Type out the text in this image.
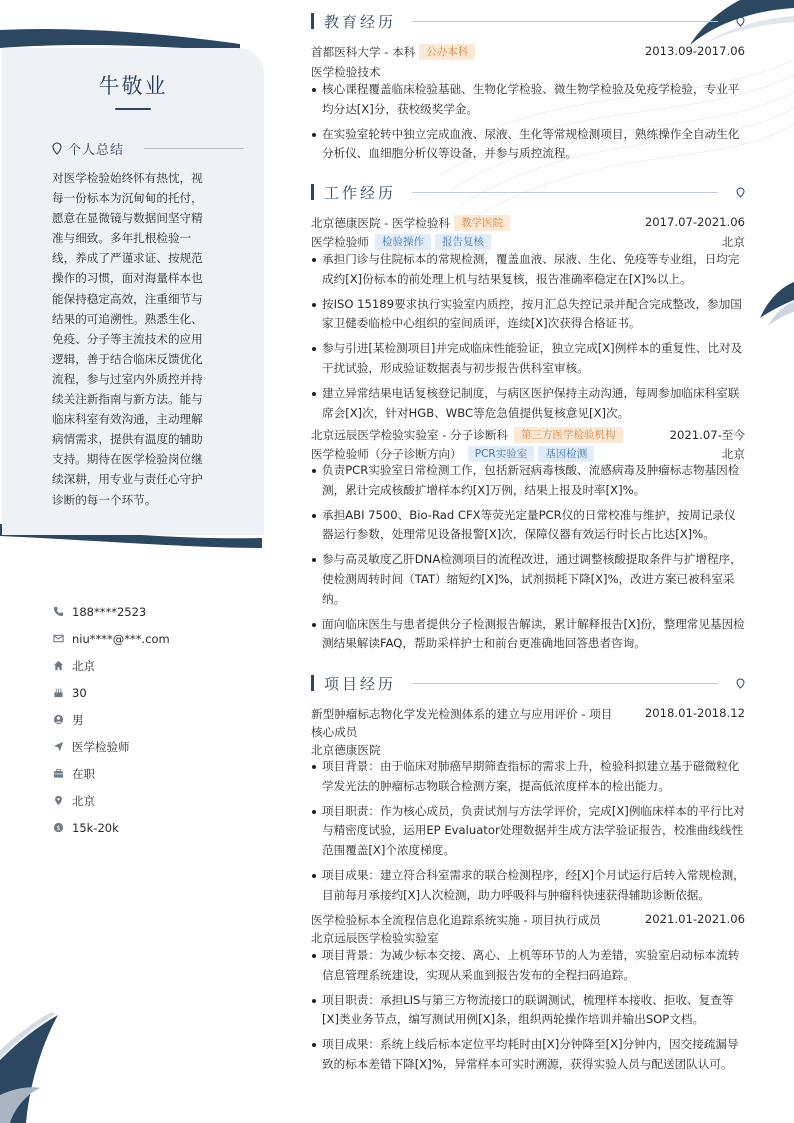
牛敬业
个人总结
对医学检验始终怀有热忱，视每一份标本为沉甸甸的托付，愿意在显微镜与数据间坚守精准与细致。多年扎根检验一线，养成了严谨求证、按规范操作的习惯，面对海量样本也能保持稳定高效，注重细节与结果的可追溯性。熟悉生化、免疫、分子等主流技术的应用逻辑，善于结合临床反馈优化流程，参与过室内外质控并持续关注新指南与新方法。能与临床科室有效沟通，主动理解病情需求，提供有温度的辅助支持。期待在医学检验岗位继续深耕，用专业与责任心守护诊断的每一个环节。
188****2523
niu****@***.com
北京
30
男
医学检验师
在职
北京
$ 15k-20k
教育经历
首都医科大学 - 本科 公办本科	2013.09-2017.06
医学检验技术
核心课程覆盖临床检验基础、生物化学检验、微生物学检验及免疫学检验，专业平均分达[X]分，获校级奖学金。
在实验室轮转中独立完成血液、尿液、生化等常规检测项目，熟练操作全自动生化分析仪、血细胞分析仪等设备，并参与质控流程。
工作经历
北京德康医院 - 医学检验科 教学医院	2017.07-2021.06
医学检验师 检验操作 报告复核	北京
承担门诊与住院标本的常规检测，覆盖血液、尿液、生化、免疫等专业组，日均完成约[X]份标本的前处理上机与结果复核，报告准确率稳定在[X]%以上。
按ISO 15189要求执行实验室内质控，按月汇总失控记录并配合完成整改，参加国家卫健委临检中心组织的室间质评，连续[X]次获得合格证书。
参与引进[某检测项目]并完成临床性能验证，独立完成[X]例样本的重复性、比对及干扰试验，形成验证数据表与初步报告供科室审核。
建立异常结果电话复核登记制度，与病区医护保持主动沟通，每周参加临床科室联席会[X]次，针对HGB、WBC等危急值提供复核意见[X]次。
北京远辰医学检验实验室 - 分子诊断科 第三方医学检验机构	2021.07-至今
医学检验师（分子诊断方向） PCR实验室 基因检测	北京
负责PCR实验室日常检测工作，包括新冠病毒核酸、流感病毒及肿瘤标志物基因检测，累计完成核酸扩增样本约[X]万例，结果上报及时率[X]%。
承担ABI 7500、Bio-Rad CFX等荧光定量PCR仪的日常校准与维护，按周记录仪器运行参数，处理常见设备报警[X]次，保障仪器有效运行时长占比达[X]%。
参与高灵敏度乙肝DNA检测项目的流程改进，通过调整核酸提取条件与扩增程序，使检测周转时间（TAT）缩短约[X]%，试剂损耗下降[X]%，改进方案已被科室采纳。
面向临床医生与患者提供分子检测报告解读，累计解释报告[X]份，整理常见基因检测结果解读FAQ，帮助采样护士和前台更准确地回答患者咨询。
项目经历
新型肿瘤标志物化学发光检测体系的建立与应用评价 - 项目	2018.01-2018.12
核心成员
北京德康医院
项目背景：由于临床对肺癌早期筛查指标的需求上升，检验科拟建立基于磁微粒化学发光法的肿瘤标志物联合检测方案，提高低浓度样本的检出能力。
项目职责：作为核心成员，负责试剂与方法学评价，完成[X]例临床样本的平行比对与精密度试验，运用EP Evaluator处理数据并生成方法学验证报告，校准曲线线性范围覆盖[X]个浓度梯度。
项目成果：建立符合科室需求的联合检测程序，经[X]个月试运行后转入常规检测，目前每月承接约[X]人次检测，助力呼吸科与肿瘤科快速获得辅助诊断依据。
医学检验标本全流程信息化追踪系统实施 - 项目执行成员	2021.01-2021.06
北京远辰医学检验实验室
项目背景：为减少标本交接、离心、上机等环节的人为差错，实验室启动标本流转信息管理系统建设，实现从采血到报告发布的全程扫码追踪。
项目职责：承担LIS与第三方物流接口的联调测试，梳理样本接收、拒收、复查等[X]类业务节点，编写测试用例[X]条，组织两轮操作培训并输出SOP文档。
项目成果：系统上线后标本定位平均耗时由[X]分钟降至[X]分钟内，因交接疏漏导致的标本差错下降[X]%，异常样本可实时溯源，获得实验人员与配送团队认可。
